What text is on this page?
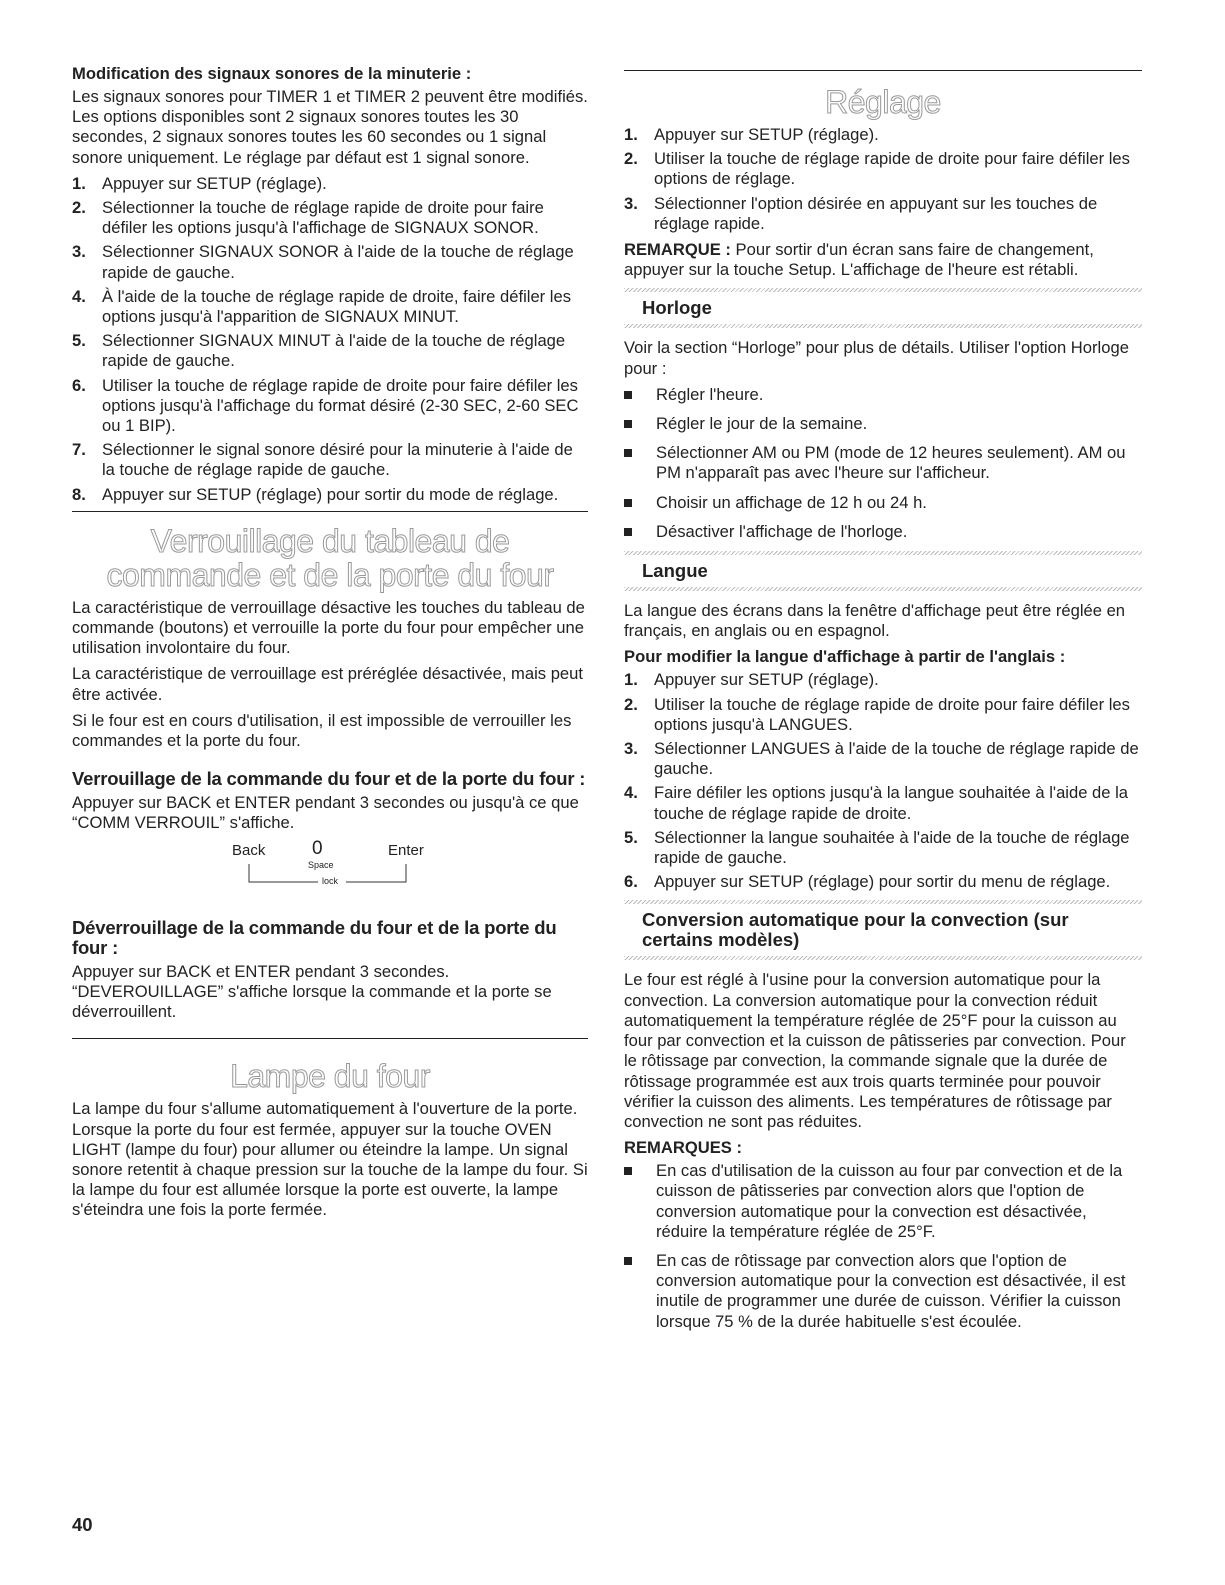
Modification des signaux sonores de la minuterie :

Les signaux sonores pour TIMER 1 et TIMER 2 peuvent être modifiés. Les options disponibles sont 2 signaux sonores toutes les 30 secondes, 2 signaux sonores toutes les 60 secondes ou 1 signal sonore uniquement. Le réglage par défaut est 1 signal sonore.

1. Appuyer sur SETUP (réglage).
2. Sélectionner la touche de réglage rapide de droite pour faire défiler les options jusqu'à l'affichage de SIGNAUX SONOR.
3. Sélectionner SIGNAUX SONOR à l'aide de la touche de réglage rapide de gauche.
4. À l'aide de la touche de réglage rapide de droite, faire défiler les options jusqu'à l'apparition de SIGNAUX MINUT.
5. Sélectionner SIGNAUX MINUT à l'aide de la touche de réglage rapide de gauche.
6. Utiliser la touche de réglage rapide de droite pour faire défiler les options jusqu'à l'affichage du format désiré (2-30 SEC, 2-60 SEC ou 1 BIP).
7. Sélectionner le signal sonore désiré pour la minuterie à l'aide de la touche de réglage rapide de gauche.
8. Appuyer sur SETUP (réglage) pour sortir du mode de réglage.
Verrouillage du tableau de commande et de la porte du four

La caractéristique de verrouillage désactive les touches du tableau de commande (boutons) et verrouille la porte du four pour empêcher une utilisation involontaire du four.

La caractéristique de verrouillage est préréglée désactivée, mais peut être activée.

Si le four est en cours d'utilisation, il est impossible de verrouiller les commandes et la porte du four.

Verrouillage de la commande du four et de la porte du four :

Appuyer sur BACK et ENTER pendant 3 secondes ou jusqu'à ce que “COMM VERROUIL” s'affiche.

Back 0
Space
Enter
lock
Déverrouillage de la commande du four et de la porte du four :

Appuyer sur BACK et ENTER pendant 3 secondes. “DEVEROUILLAGE” s'affiche lorsque la commande et la porte se déverrouillent.

Lampe du four

La lampe du four s'allume automatiquement à l'ouverture de la porte. Lorsque la porte du four est fermée, appuyer sur la touche OVEN LIGHT (lampe du four) pour allumer ou éteindre la lampe. Un signal sonore retentit à chaque pression sur la touche de la lampe du four. Si la lampe du four est allumée lorsque la porte est ouverte, la lampe s'éteindra une fois la porte fermée.

Réglage
1. Appuyer sur SETUP (réglage).
2. Utiliser la touche de réglage rapide de droite pour faire défiler les options de réglage.
3. Sélectionner l'option désirée en appuyant sur les touches de réglage rapide.

REMARQUE : Pour sortir d'un écran sans faire de changement, appuyer sur la touche Setup. L'affichage de l'heure est rétabli.

Horloge

Voir la section “Horloge” pour plus de détails. Utiliser l'option Horloge pour :

Régler l'heure.
Régler le jour de la semaine.
Sélectionner AM ou PM (mode de 12 heures seulement). AM ou PM n'apparaît pas avec l'heure sur l'afficheur.
Choisir un affichage de 12 h ou 24 h.
Désactiver l'affichage de l'horloge.
Langue

La langue des écrans dans la fenêtre d'affichage peut être réglée en français, en anglais ou en espagnol.

Pour modifier la langue d'affichage à partir de l'anglais :
1. Appuyer sur SETUP (réglage).
2. Utiliser la touche de réglage rapide de droite pour faire défiler les options jusqu'à LANGUES.
3. Sélectionner LANGUES à l'aide de la touche de réglage rapide de gauche.
4. Faire défiler les options jusqu'à la langue souhaitée à l'aide de la touche de réglage rapide de droite.
5. Sélectionner la langue souhaitée à l'aide de la touche de réglage rapide de gauche.
6. Appuyer sur SETUP (réglage) pour sortir du menu de réglage.
Conversion automatique pour la convection (sur certains modèles)

Le four est réglé à l'usine pour la conversion automatique pour la convection. La conversion automatique pour la convection réduit automatiquement la température réglée de 25°F pour la cuisson au four par convection et la cuisson de pâtisseries par convection. Pour le rôtissage par convection, la commande signale que la durée de rôtissage programmée est aux trois quarts terminée pour pouvoir vérifier la cuisson des aliments. Les températures de rôtissage par convection ne sont pas réduites.

REMARQUES :
En cas d'utilisation de la cuisson au four par convection et de la cuisson de pâtisseries par convection alors que l'option de conversion automatique pour la convection est désactivée, réduire la température réglée de 25°F.
En cas de rôtissage par convection alors que l'option de conversion automatique pour la convection est désactivée, il est inutile de programmer une durée de cuisson. Vérifier la cuisson lorsque 75 % de la durée habituelle s'est écoulée.
40
